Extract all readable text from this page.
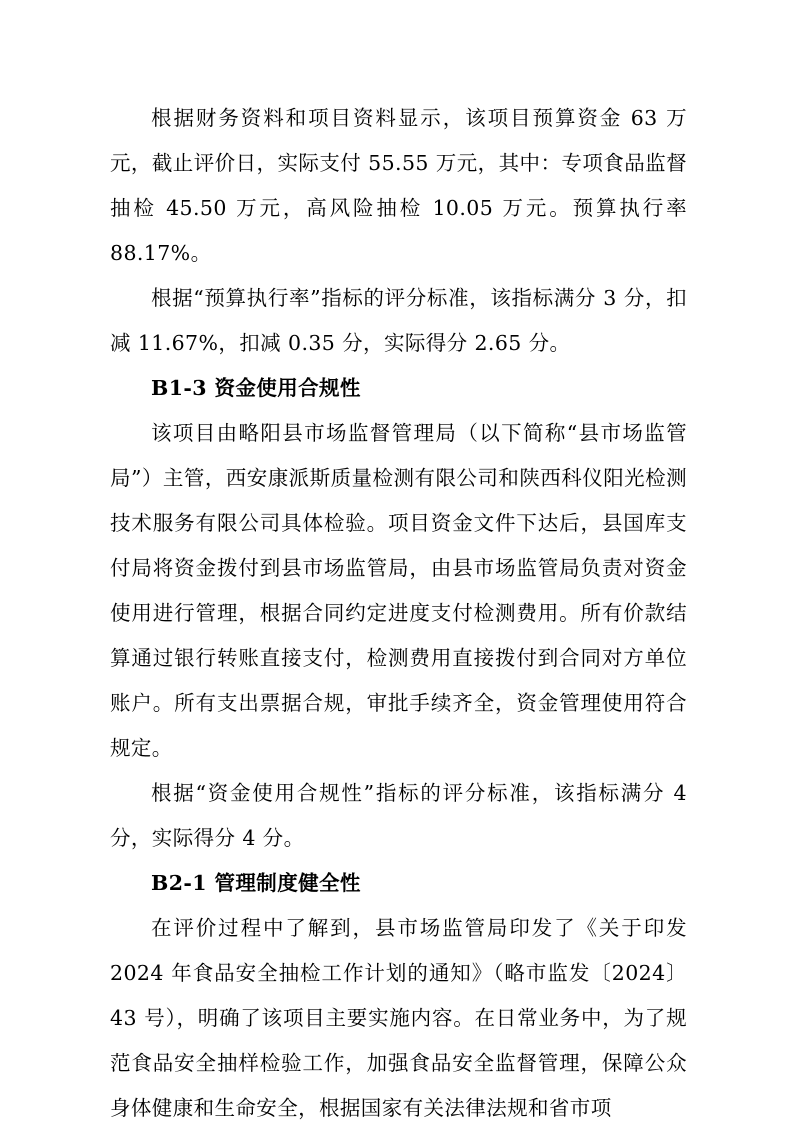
根据财务资料和项目资料显示，该项目预算资金 63 万元，截止评价日，实际支付 55.55 万元，其中：专项食品监督抽检 45.50 万元，高风险抽检 10.05 万元。预算执行率 88.17%。

根据“预算执行率”指标的评分标准，该指标满分 3 分，扣减 11.67%，扣减 0.35 分，实际得分 2.65 分。

B1-3 资金使用合规性

该项目由略阳县市场监督管理局（以下简称“县市场监管局”）主管，西安康派斯质量检测有限公司和陕西科仪阳光检测技术服务有限公司具体检验。项目资金文件下达后，县国库支付局将资金拨付到县市场监管局，由县市场监管局负责对资金使用进行管理，根据合同约定进度支付检测费用。所有价款结算通过银行转账直接支付，检测费用直接拨付到合同对方单位账户。所有支出票据合规，审批手续齐全，资金管理使用符合规定。

根据“资金使用合规性”指标的评分标准，该指标满分 4 分，实际得分 4 分。

B2-1 管理制度健全性

在评价过程中了解到，县市场监管局印发了《关于印发 2024 年食品安全抽检工作计划的通知》（略市监发〔2024〕43 号），明确了该项目主要实施内容。在日常业务中，为了规范食品安全抽样检验工作，加强食品安全监督管理，保障公众身体健康和生命安全，根据国家有关法律法规和省市项
